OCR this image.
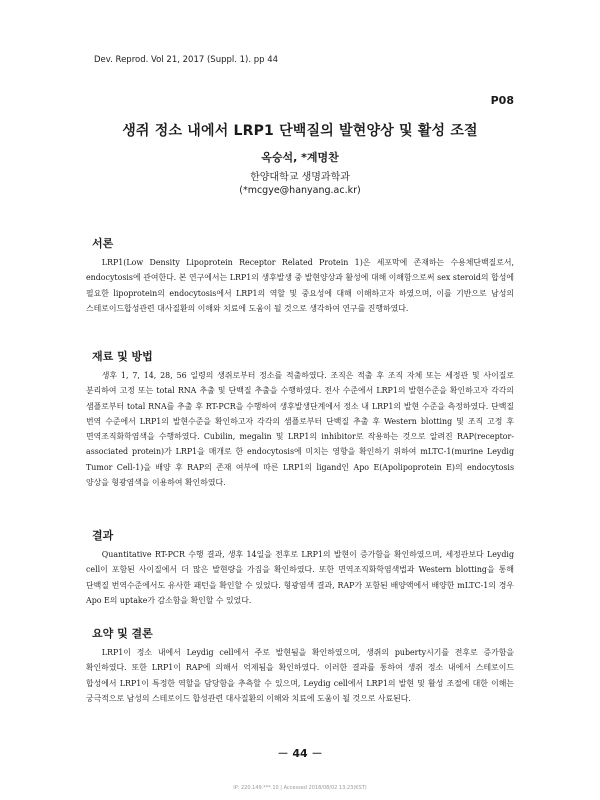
Dev. Reprod. Vol 21, 2017 (Suppl. 1). pp 44
P08
생쥐 정소 내에서 LRP1 단백질의 발현양상 및 활성 조절
옥승석, *계명찬
한양대학교 생명과학과
(*mcgye@hanyang.ac.kr)
서론

LRP1(Low Density Lipoprotein Receptor Related Protein 1)은 세포막에 존재하는 수용체단백질로서, endocytosis에 관여한다. 본 연구에서는 LRP1의 생후발생 중 발현양상과 활성에 대해 이해함으로써 sex steroid의 합성에 필요한 lipoprotein의 endocytosis에서 LRP1의 역할 및 중요성에 대해 이해하고자 하였으며, 이를 기반으로 남성의 스테로이드합성관련 대사질환의 이해와 치료에 도움이 될 것으로 생각하여 연구를 진행하였다.

재료 및 방법

생후 1, 7, 14, 28, 56 일령의 생쥐로부터 정소를 적출하였다. 조직은 적출 후 조직 자체 또는 세정관 및 사이질로 분리하여 고정 또는 total RNA 추출 및 단백질 추출을 수행하였다. 전사 수준에서 LRP1의 발현수준을 확인하고자 각각의 샘플로부터 total RNA를 추출 후 RT-PCR을 수행하여 생후발생단계에서 정소 내 LRP1의 발현 수준을 측정하였다. 단백질 번역 수준에서 LRP1의 발현수준을 확인하고자 각각의 샘플로부터 단백질 추출 후 Western blotting 및 조직 고정 후 면역조직화학염색을 수행하였다. Cubilin, megalin 및 LRP1의 inhibitor로 작용하는 것으로 알려진 RAP(receptor-associated protein)가 LRP1을 매개로 한 endocytosis에 미치는 영향을 확인하기 위하여 mLTC-1(murine Leydig Tumor Cell-1)을 배양 후 RAP의 존재 여부에 따른 LRP1의 ligand인 Apo E(Apolipoprotein E)의 endocytosis 양상을 형광염색을 이용하여 확인하였다.

결과

Quantitative RT-PCR 수행 결과, 생후 14일을 전후로 LRP1의 발현이 증가함을 확인하였으며, 세정관보다 Leydig cell이 포함된 사이질에서 더 많은 발현량을 가짐을 확인하였다. 또한 면역조직화학염색법과 Western blotting을 통해 단백질 번역수준에서도 유사한 패턴을 확인할 수 있었다. 형광염색 결과, RAP가 포함된 배양액에서 배양한 mLTC-1의 경우 Apo E의 uptake가 감소함을 확인할 수 있었다.

요약 및 결론

LRP1이 정소 내에서 Leydig cell에서 주로 발현됨을 확인하였으며, 생쥐의 puberty시기를 전후로 증가함을 확인하였다. 또한 LRP1이 RAP에 의해서 억제됨을 확인하였다. 이러한 결과를 통하여 생쥐 정소 내에서 스테로이드 합성에서 LRP1이 특정한 역할을 담당함을 추측할 수 있으며, Leydig cell에서 LRP1의 발현 및 활성 조절에 대한 이해는 궁극적으로 남성의 스테로이드 합성관련 대사질환의 이해와 치료에 도움이 될 것으로 사료된다.

－ 44 －
IP: 220.149.***.10 | Accessed 2018/08/02 13:23(KST)
